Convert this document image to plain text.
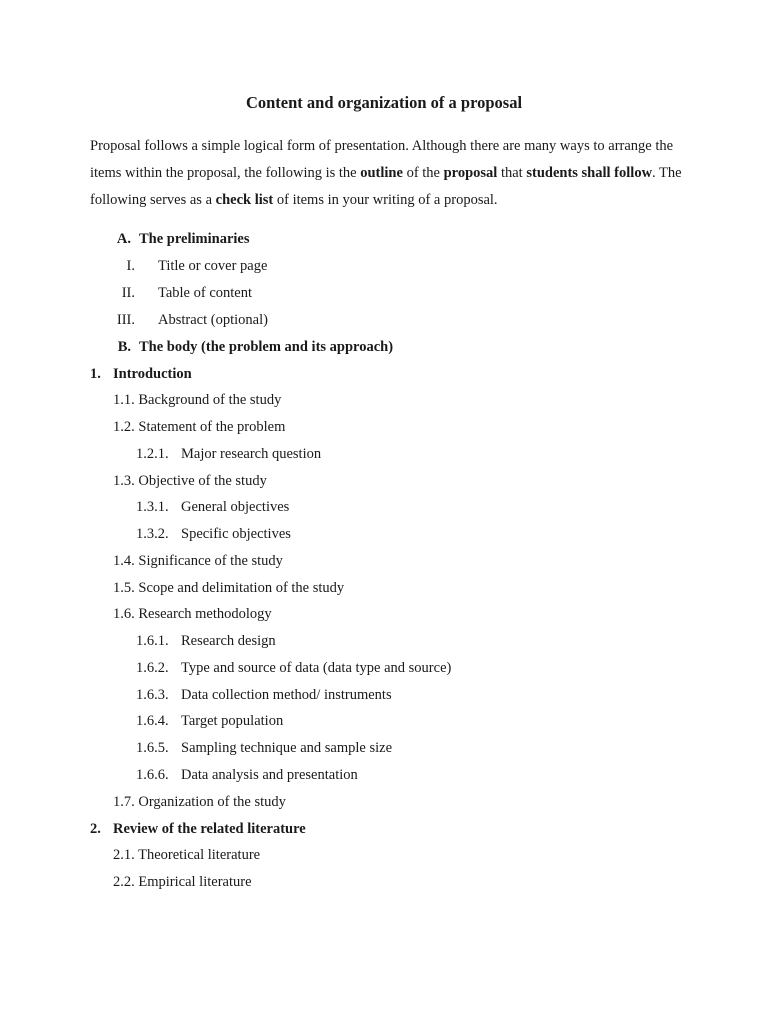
Content and organization of a proposal

Proposal follows a simple logical form of presentation. Although there are many ways to arrange the items within the proposal, the following is the outline of the proposal that students shall follow. The following serves as a check list of items in your writing of a proposal.

A. The preliminaries
I. Title or cover page
II. Table of content
III. Abstract (optional)
B. The body (the problem and its approach)
1. Introduction
1.1. Background of the study
1.2. Statement of the problem
1.2.1. Major research question
1.3. Objective of the study
1.3.1. General objectives
1.3.2. Specific objectives
1.4. Significance of the study
1.5. Scope and delimitation of the study
1.6. Research methodology
1.6.1. Research design
1.6.2. Type and source of data (data type and source)
1.6.3. Data collection method/ instruments
1.6.4. Target population
1.6.5. Sampling technique and sample size
1.6.6. Data analysis and presentation
1.7. Organization of the study
2. Review of the related literature
2.1. Theoretical literature
2.2. Empirical literature
